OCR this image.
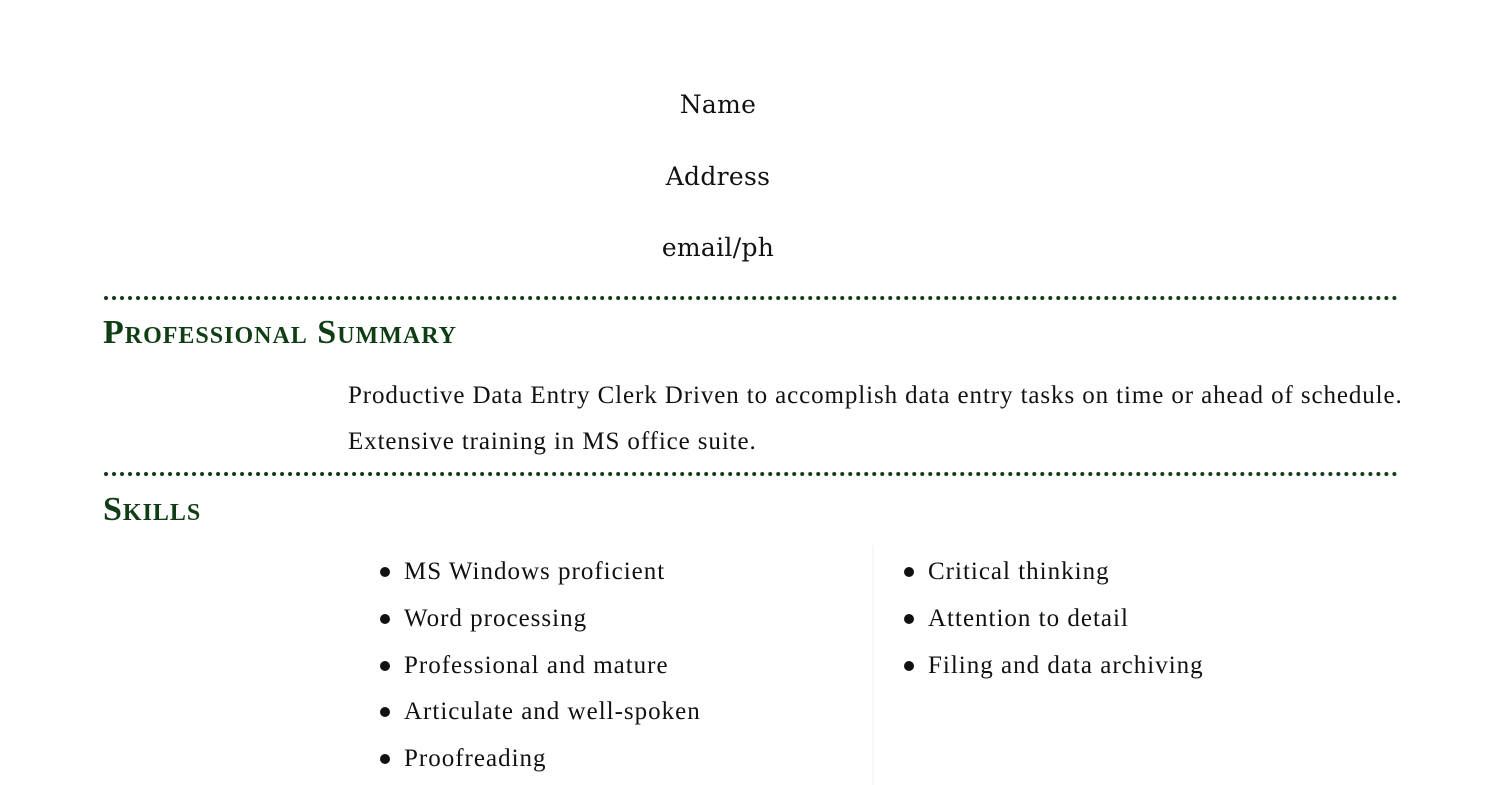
Name
Address
email/ph
Professional Summary

Productive Data Entry Clerk Driven to accomplish data entry tasks on time or ahead of schedule. Extensive training in MS office suite.

Skills
MS Windows proficient
Word processing
Professional and mature
Articulate and well-spoken
Proofreading
Critical thinking
Attention to detail
Filing and data archiving
